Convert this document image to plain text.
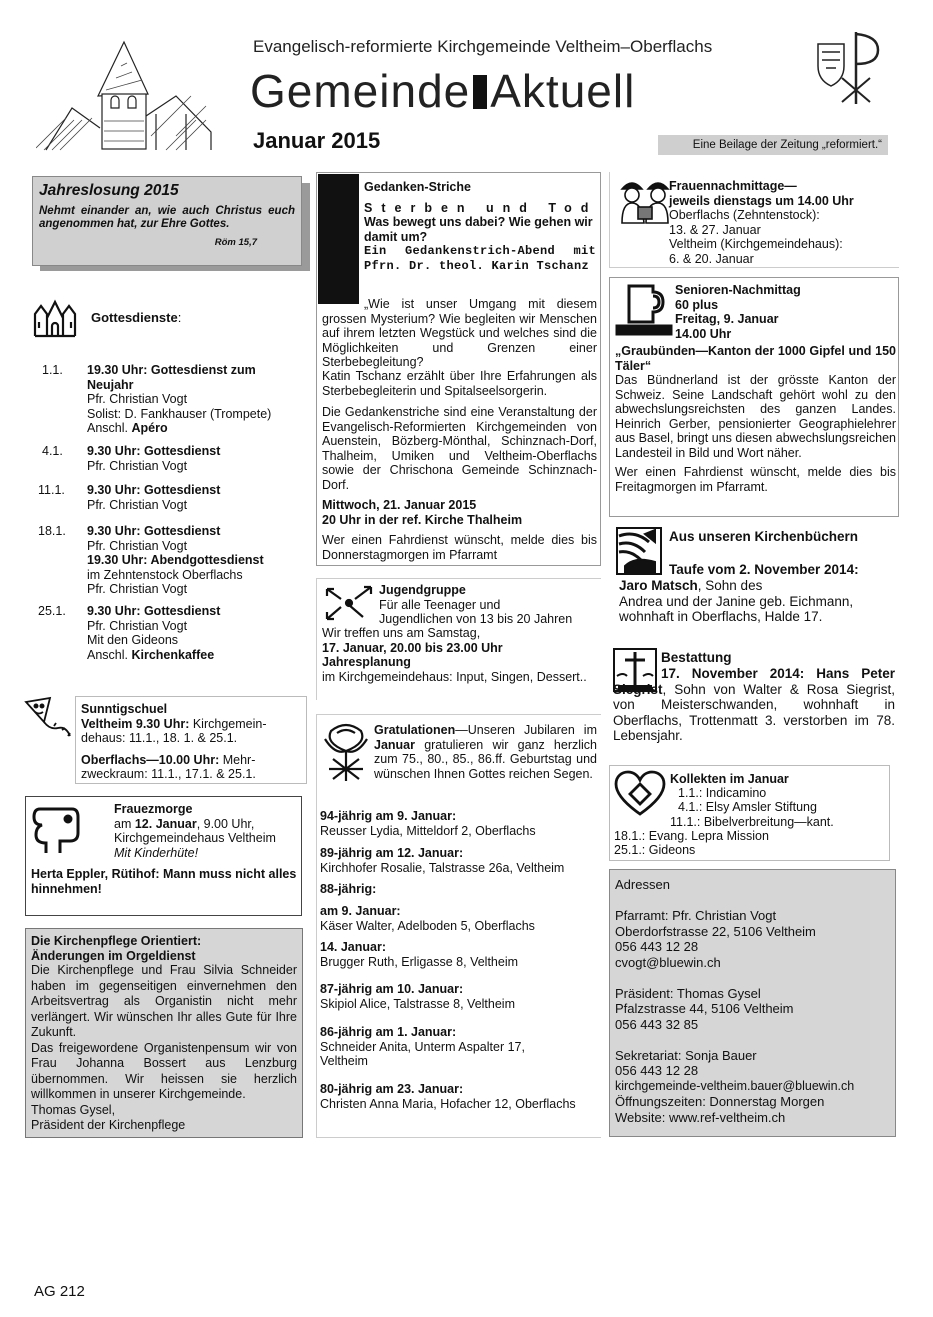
Evangelisch-reformierte Kirchgemeinde Veltheim–Oberflachs
Gemeinde Aktuell
Januar 2015	Eine Beilage der Zeitung „reformiert.“
Jahreslosung 2015
Nehmt einander an, wie auch Christus euch angenommen hat, zur Ehre Gottes.
Röm 15,7
Gottesdienste:
1.1. 19.30 Uhr: Gottesdienst zum
Neujahr
Pfr. Christian Vogt
Solist: D. Fankhauser (Trompete)
Anschl. Apéro
4.1. 9.30 Uhr: Gottesdienst
Pfr. Christian Vogt
11.1. 9.30 Uhr: Gottesdienst
Pfr. Christian Vogt
18.1. 9.30 Uhr: Gottesdienst
Pfr. Christian Vogt
19.30 Uhr: Abendgottesdienst
im Zehntenstock Oberflachs
Pfr. Christian Vogt
25.1. 9.30 Uhr: Gottesdienst
Pfr. Christian Vogt
Mit den Gideons
Anschl. Kirchenkaffee
Sunntigschuel
Veltheim 9.30 Uhr: Kirchgemein-
dehaus: 11.1., 18. 1. & 25.1.
Oberflachs—10.00 Uhr: Mehr-
zweckraum: 11.1., 17.1. & 25.1.
Frauezmorge
am 12. Januar, 9.00 Uhr,
Kirchgemeindehaus Veltheim
Mit Kinderhüte!
Herta Eppler, Rütihof: Mann muss nicht alles hinnehmen!
Die Kirchenpflege Orientiert:
Änderungen im Orgeldienst

Die Kirchenpflege und Frau Silvia Schneider haben im gegenseitigen einvernehmen den Arbeitsvertrag als Organistin nicht mehr verlängert. Wir wünschen Ihr alles Gute für Ihre Zukunft.

Das freigewordene Organistenpensum wir von Frau Johanna Bossert aus Lenzburg übernommen. Wir heissen sie herzlich willkommen in unserer Kirchgemeinde.

Thomas Gysel,
Präsident der Kirchenpflege
Gedanken-Striche
Sterben und Tod
Was bewegt uns dabei? Wie gehen wir damit um?
Ein Gedankenstrich-Abend mit Pfrn. Dr. theol. Karin Tschanz
„Wie ist unser Umgang mit diesem grossen Mysterium? Wie begleiten wir Menschen auf ihrem letzten Wegstück und welches sind die Möglichkeiten und Grenzen einer Sterbebegleitung?
Katin Tschanz erzählt über Ihre Erfahrungen als Sterbebegleiterin und Spitalseelsorgerin.
Die Gedankenstriche sind eine Veranstaltung der Evangelisch-Reformierten Kirchgemeinden von Auenstein, Bözberg-Mönthal, Schinznach-Dorf, Thalheim, Umiken und Veltheim-Oberflachs sowie der Chrischona Gemeinde Schinznach-Dorf.
Mittwoch, 21. Januar 2015
20 Uhr in der ref. Kirche Thalheim
Wer einen Fahrdienst wünscht, melde dies bis Donnerstagmorgen im Pfarramt
Jugendgruppe
Für alle Teenager und
Jugendlichen von 13 bis 20 Jahren
Wir treffen uns am Samstag,
17. Januar, 20.00 bis 23.00 Uhr
Jahresplanung
im Kirchgemeindehaus: Input, Singen, Dessert..
Gratulationen—Unseren Jubilaren im Januar gratulieren wir ganz herzlich zum 75., 80., 85., 86.ff. Geburtstag und wünschen Ihnen Gottes reichen Segen.
94-jährig am 9. Januar:
Reusser Lydia, Mitteldorf 2, Oberflachs
89-jährig am 12. Januar:
Kirchhofer Rosalie, Talstrasse 26a, Veltheim
88-jährig:
am 9. Januar:
Käser Walter, Adelboden 5, Oberflachs
14. Januar:
Brugger Ruth, Erligasse 8, Veltheim
87-jährig am 10. Januar:
Skipiol Alice, Talstrasse 8, Veltheim
86-jährig am 1. Januar:
Schneider Anita, Unterm Aspalter 17, Veltheim
80-jährig am 23. Januar:
Christen Anna Maria, Hofacher 12, Oberflachs
Frauennachmittage—
jeweils dienstags um 14.00 Uhr
Oberflachs (Zehntenstock):
13. & 27. Januar
Veltheim (Kirchgemeindehaus):
6. & 20. Januar
Senioren-Nachmittag
60 plus
Freitag, 9. Januar
14.00 Uhr
„Graubünden—Kanton der 1000 Gipfel und 150 Täler“
Das Bündnerland ist der grösste Kanton der Schweiz. Seine Landschaft gehört wohl zu den abwechslungsreichsten des ganzen Landes. Heinrich Gerber, pensionierter Geographielehrer aus Basel, bringt uns diesen abwechslungsreichen Landesteil in Bild und Wort näher.
Wer einen Fahrdienst wünscht, melde dies bis Freitagmorgen im Pfarramt.
Aus unseren Kirchenbüchern
Taufe vom 2. November 2014:
Jaro Matsch, Sohn des
Andrea und der Janine geb. Eichmann,
wohnhaft in Oberflachs, Halde 17.
Bestattung
17. November 2014: Hans Peter Siegrist, Sohn von Walter & Rosa Siegrist, von Meisterschwanden, wohnhaft in Oberflachs, Trottenmatt 3. verstorben im 78. Lebensjahr.
Kollekten im Januar
1.1.: Indicamino
4.1.: Elsy Amsler Stiftung
11.1.: Bibelverbreitung—kant.
18.1.: Evang. Lepra Mission
25.1.: Gideons
Adressen
Pfarramt: Pfr. Christian Vogt
Oberdorfstrasse 22, 5106 Veltheim
056 443 12 28
cvogt@bluewin.ch
Präsident: Thomas Gysel
Pfalzstrasse 44, 5106 Veltheim
056 443 32 85
Sekretariat: Sonja Bauer
056 443 12 28
kirchgemeinde-veltheim.bauer@bluewin.ch
Öffnungszeiten: Donnerstag Morgen
Website: www.ref-veltheim.ch
AG 212
